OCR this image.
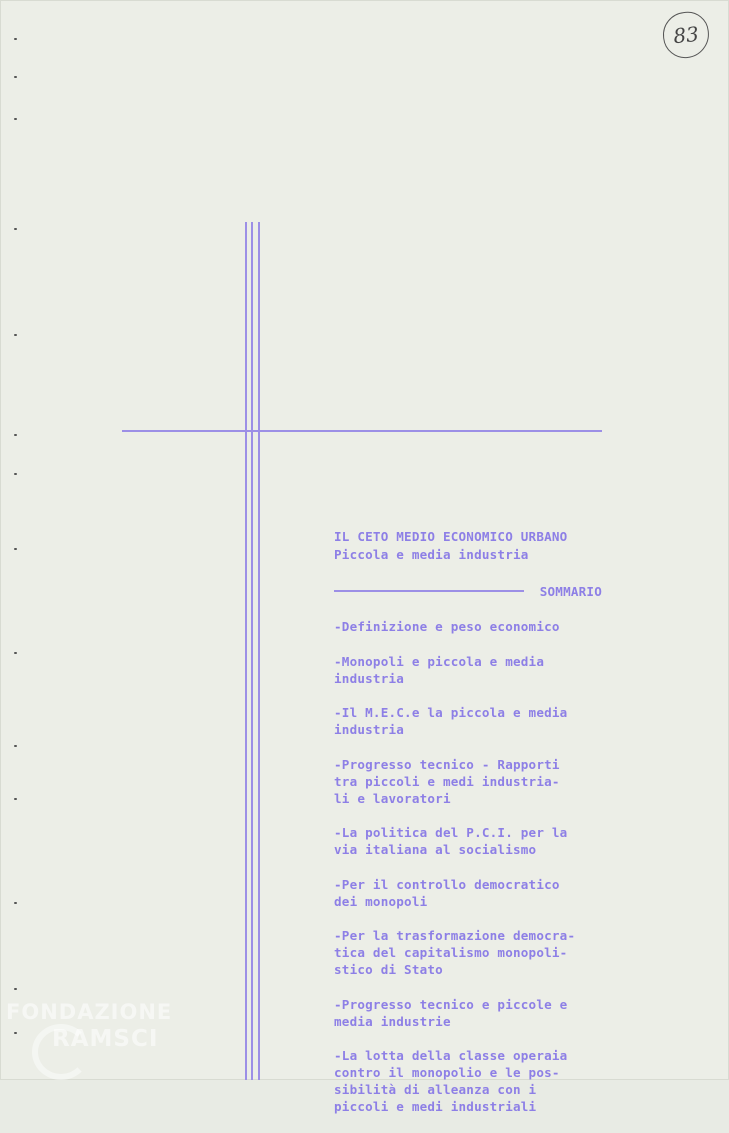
83
IL CETO MEDIO ECONOMICO URBANO
Piccola e media industria
SOMMARIO
-Definizione e peso economico
-Monopoli e piccola e media
industria
-Il M.E.C.e la piccola e media
industria
-Progresso tecnico - Rapporti
tra piccoli e medi industria-
li e lavoratori
-La politica del P.C.I. per la
via italiana al socialismo
-Per il controllo democratico
dei monopoli
-Per la trasformazione democra-
tica del capitalismo monopoli-
stico di Stato
-Progresso tecnico e piccole e
media industrie
-La lotta della classe operaia
contro il monopolio e le pos-
sibilità di alleanza con i
piccoli e medi industriali
FONDAZIONE
RAMSCI
